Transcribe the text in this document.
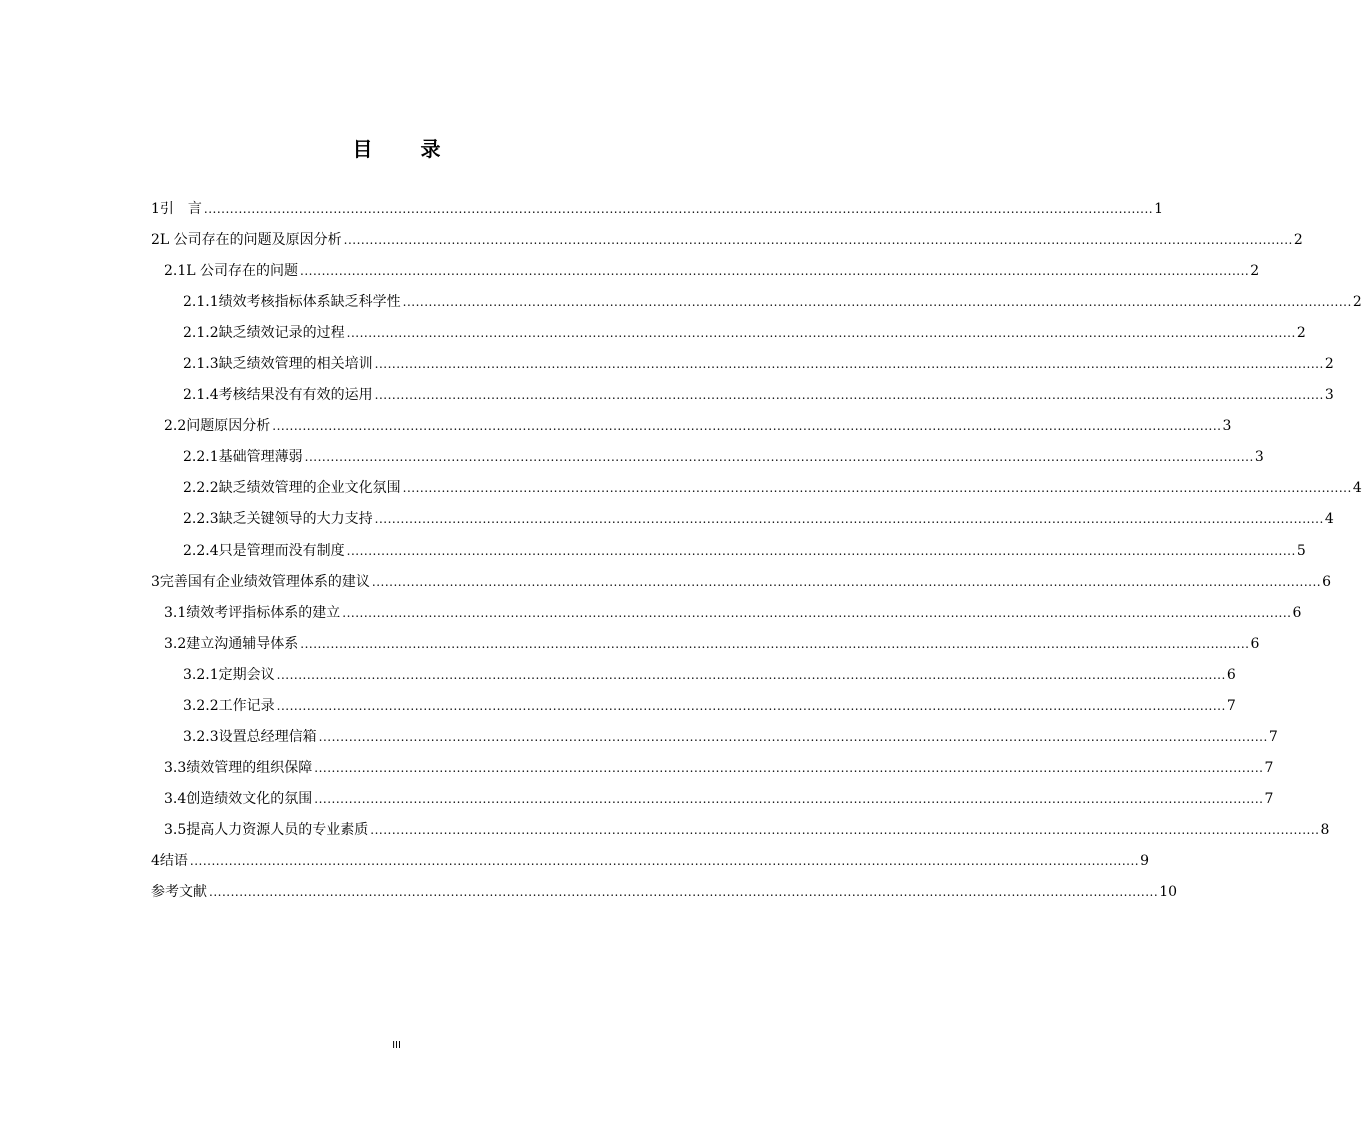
目　录
1 引　言 ............................................................................................................................................................................................................................ 1
2 L 公司存在的问题及原因分析 ............................................................................................................................................................................................................................ 2
2.1 L 公司存在的问题 ............................................................................................................................................................................................................................ 2
2.1.1 绩效考核指标体系缺乏科学性 ............................................................................................................................................................................................................................ 2
2.1.2 缺乏绩效记录的过程 ............................................................................................................................................................................................................................ 2
2.1.3 缺乏绩效管理的相关培训 ............................................................................................................................................................................................................................ 2
2.1.4 考核结果没有有效的运用 ............................................................................................................................................................................................................................ 3
2.2 问题原因分析 ............................................................................................................................................................................................................................ 3
2.2.1 基础管理薄弱 ............................................................................................................................................................................................................................ 3
2.2.2 缺乏绩效管理的企业文化氛围 ............................................................................................................................................................................................................................ 4
2.2.3 缺乏关键领导的大力支持 ............................................................................................................................................................................................................................ 4
2.2.4 只是管理而没有制度 ............................................................................................................................................................................................................................ 5
3 完善国有企业绩效管理体系的建议 ............................................................................................................................................................................................................................ 6
3.1 绩效考评指标体系的建立 ............................................................................................................................................................................................................................ 6
3.2 建立沟通辅导体系 ............................................................................................................................................................................................................................ 6
3.2.1 定期会议 ............................................................................................................................................................................................................................ 6
3.2.2 工作记录 ............................................................................................................................................................................................................................ 7
3.2.3 设置总经理信箱 ............................................................................................................................................................................................................................ 7
3.3 绩效管理的组织保障 ............................................................................................................................................................................................................................ 7
3.4 创造绩效文化的氛围 ............................................................................................................................................................................................................................ 7
3.5 提高人力资源人员的专业素质 ............................................................................................................................................................................................................................ 8
4 结语 ............................................................................................................................................................................................................................ 9
参考文献 ............................................................................................................................................................................................................................ 10
III
